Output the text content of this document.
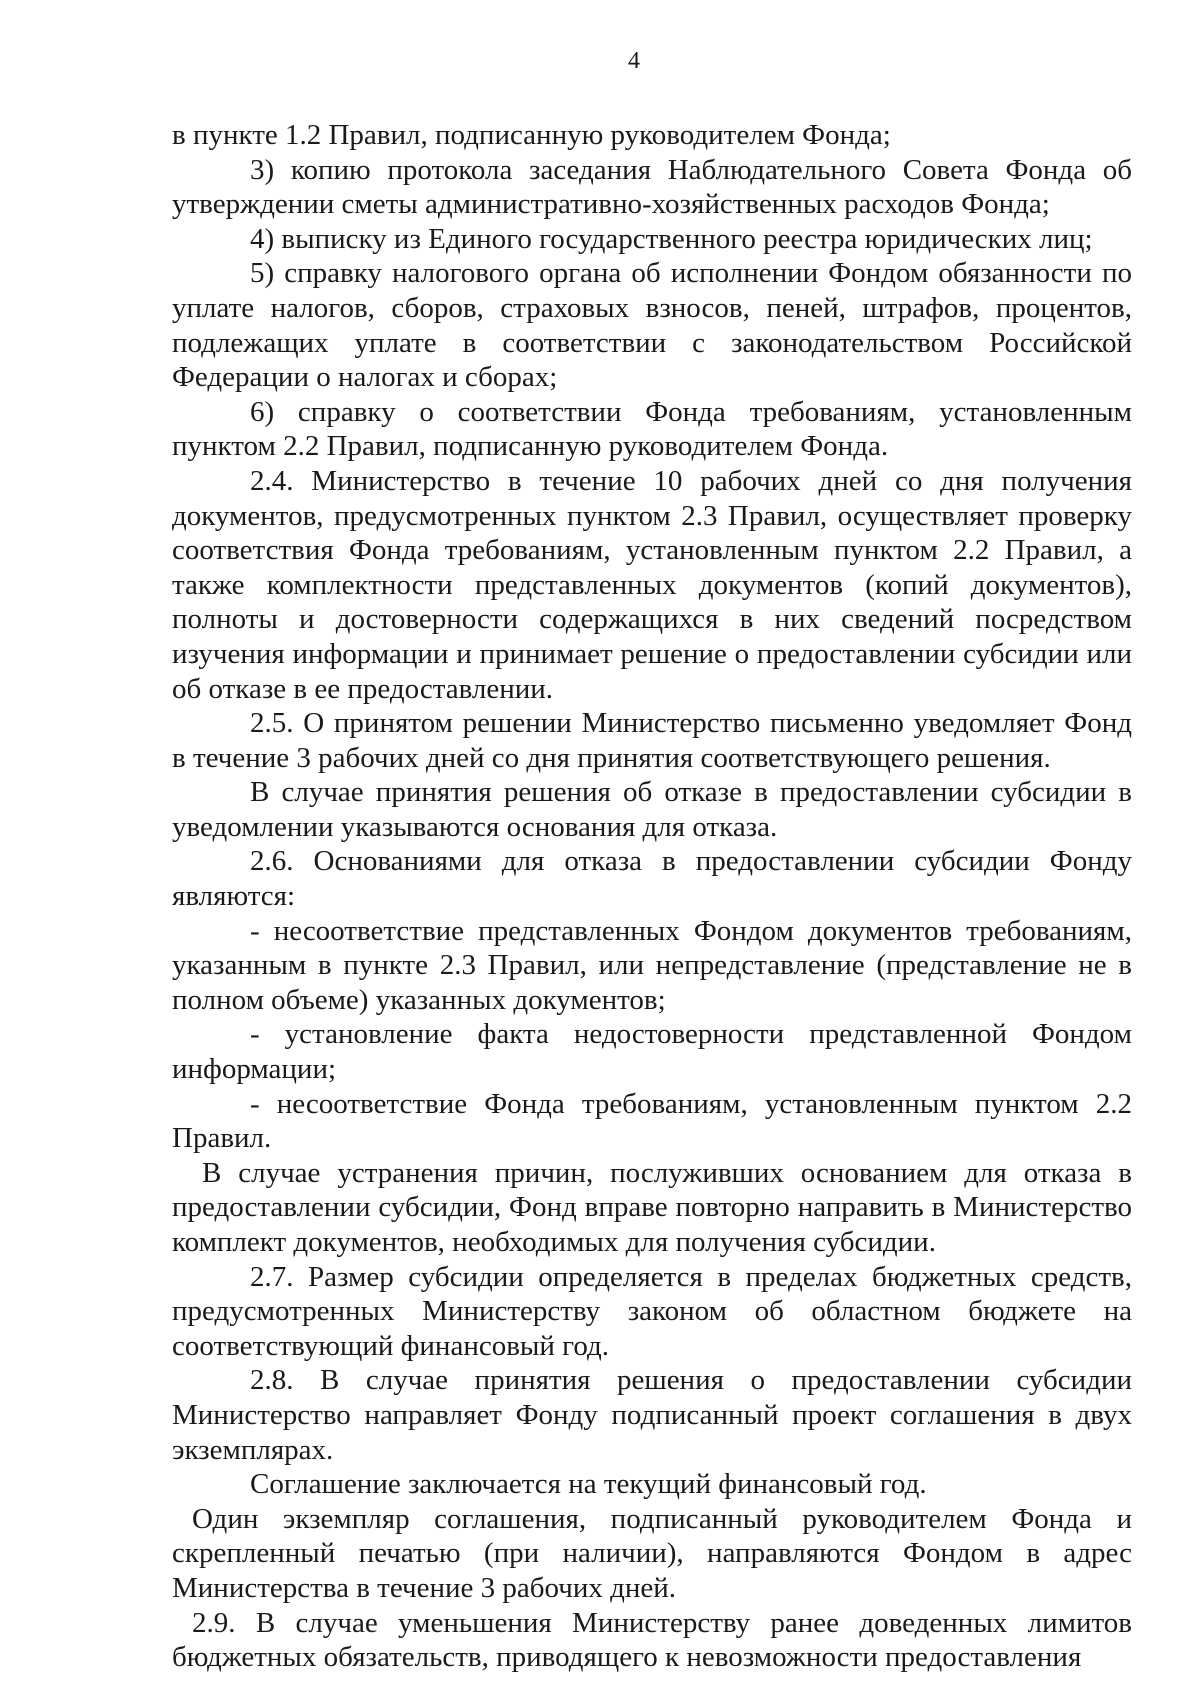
4

в пункте 1.2 Правил, подписанную руководителем Фонда;

3) копию протокола заседания Наблюдательного Совета Фонда об утверждении сметы административно-хозяйственных расходов Фонда;

4) выписку из Единого государственного реестра юридических лиц;

5) справку налогового органа об исполнении Фондом обязанности по уплате налогов, сборов, страховых взносов, пеней, штрафов, процентов, подлежащих уплате в соответствии с законодательством Российской Федерации о налогах и сборах;

6) справку о соответствии Фонда требованиям, установленным пунктом 2.2 Правил, подписанную руководителем Фонда.

2.4. Министерство в течение 10 рабочих дней со дня получения документов, предусмотренных пунктом 2.3 Правил, осуществляет проверку соответствия Фонда требованиям, установленным пунктом 2.2 Правил, а также комплектности представленных документов (копий документов), полноты и достоверности содержащихся в них сведений посредством изучения информации и принимает решение о предоставлении субсидии или об отказе в ее предоставлении.

2.5. О принятом решении Министерство письменно уведомляет Фонд в течение 3 рабочих дней со дня принятия соответствующего решения.

В случае принятия решения об отказе в предоставлении субсидии в уведомлении указываются основания для отказа.

2.6. Основаниями для отказа в предоставлении субсидии Фонду являются:

- несоответствие представленных Фондом документов требованиям, указанным в пункте 2.3 Правил, или непредставление (представление не в полном объеме) указанных документов;

- установление факта недостоверности представленной Фондом информации;

- несоответствие Фонда требованиям, установленным пунктом 2.2 Правил.

В случае устранения причин, послуживших основанием для отказа в предоставлении субсидии, Фонд вправе повторно направить в Министерство комплект документов, необходимых для получения субсидии.

2.7. Размер субсидии определяется в пределах бюджетных средств, предусмотренных Министерству законом об областном бюджете на соответствующий финансовый год.

2.8. В случае принятия решения о предоставлении субсидии Министерство направляет Фонду подписанный проект соглашения в двух экземплярах.

Соглашение заключается на текущий финансовый год.

Один экземпляр соглашения, подписанный руководителем Фонда и скрепленный печатью (при наличии), направляются Фондом в адрес Министерства в течение 3 рабочих дней.

2.9. В случае уменьшения Министерству ранее доведенных лимитов бюджетных обязательств, приводящего к невозможности предоставления
